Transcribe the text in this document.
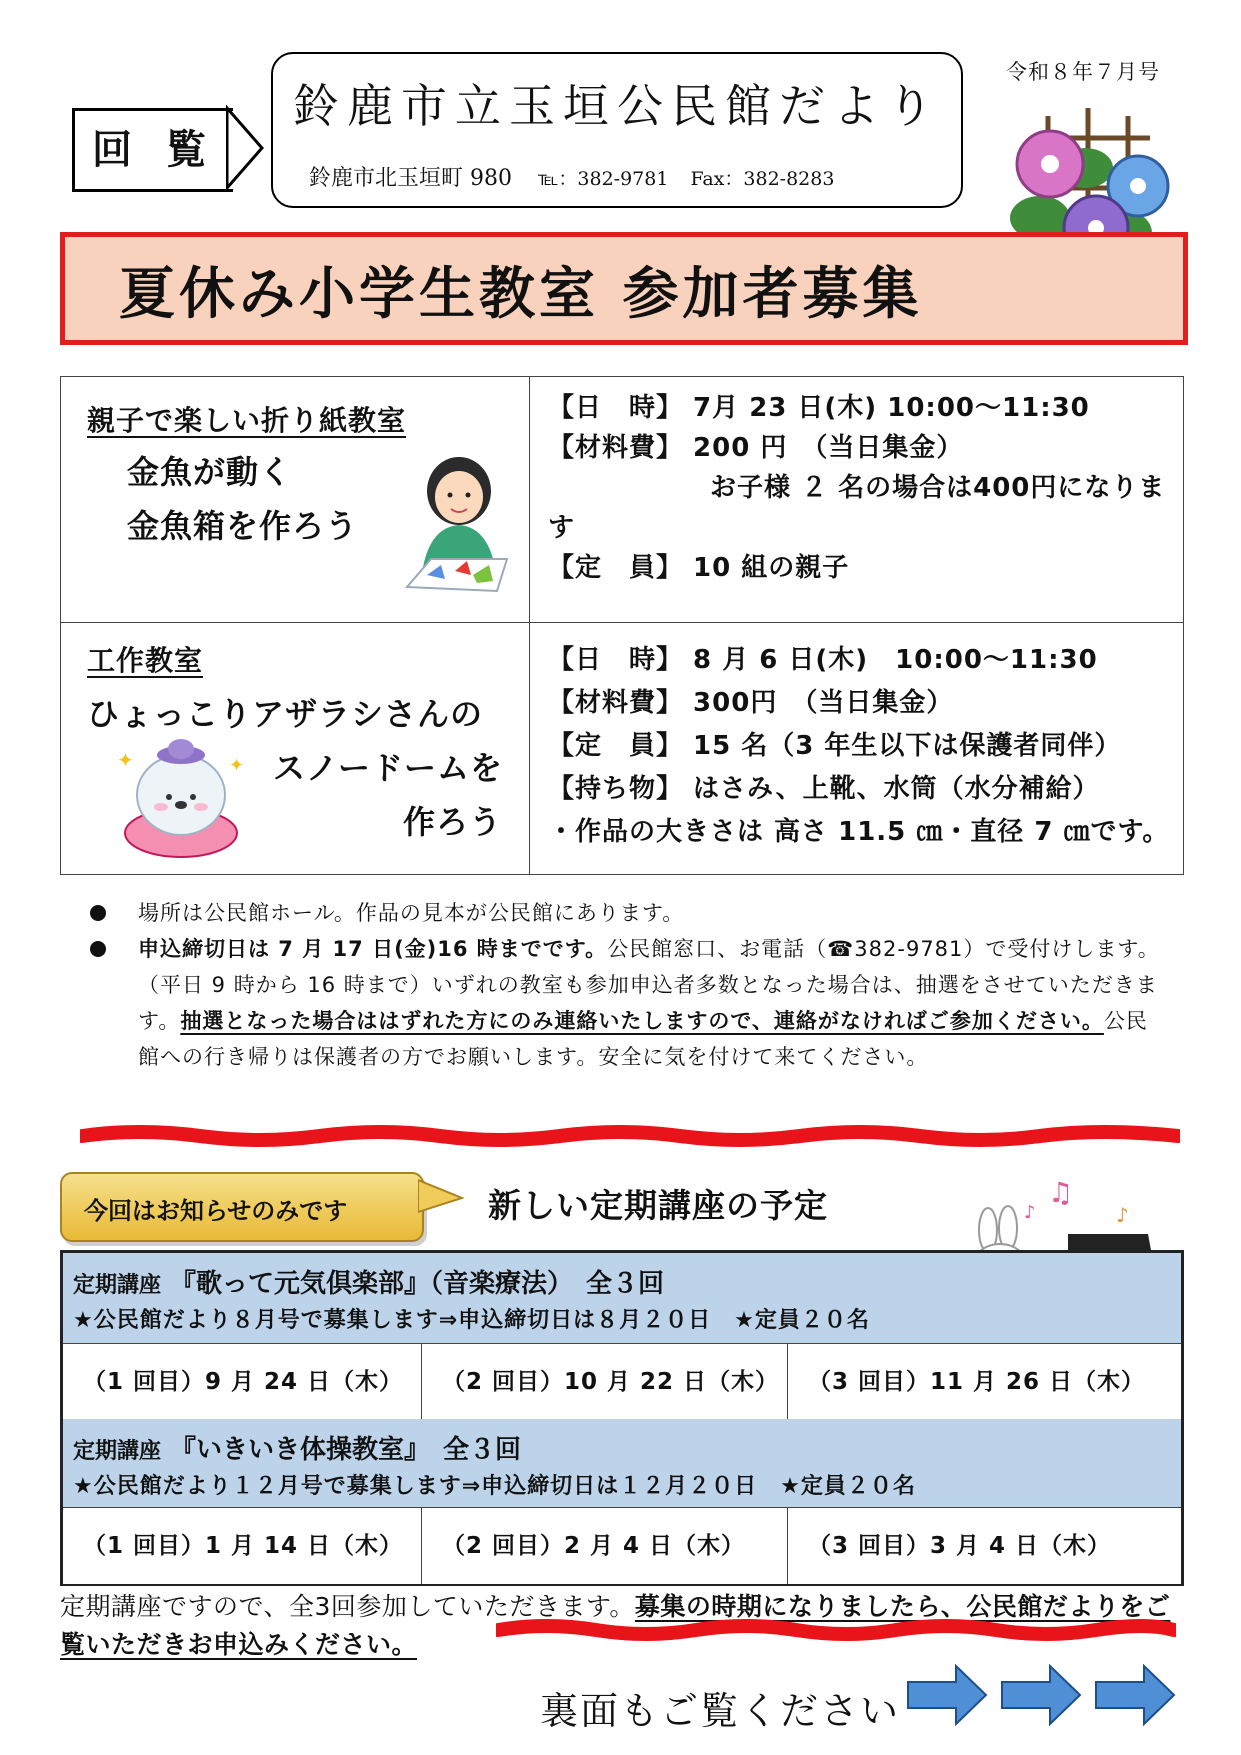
回 覧
鈴鹿市立玉垣公民館だより
鈴鹿市北玉垣町 980 ℡：382-9781 Fax：382-8283
令和８年７月号
夏休み小学生教室 参加者募集
親子で楽しい折り紙教室
金魚が動く
金魚箱を作ろう
【日　時】 7月 23 日(木) 10:00～11:30
【材料費】 200 円　（当日集金）
　　　　　　お子様 ２ 名の場合は400円になりま
す
【定　員】 10 組の親子
工作教室
ひょっこりアザラシさんの
スノードームを
作ろう
✦	✦
【日　時】 8 月 6 日(木)　10:00～11:30
【材料費】 300円　（当日集金）
【定　員】 15 名（3 年生以下は保護者同伴）
【持ち物】 はさみ、上靴、水筒（水分補給）
・作品の大きさは 高さ 11.5 ㎝・直径 7 ㎝です。
場所は公民館ホール。作品の見本が公民館にあります。
申込締切日は 7 月 17 日(金)16 時までです。公民館窓口、お電話（☎382-9781）で受付けします。（平日 9 時から 16 時まで）いずれの教室も参加申込者多数となった場合は、抽選をさせていただきます。抽選となった場合ははずれた方にのみ連絡いたしますので、連絡がなければご参加ください。公民館への行き帰りは保護者の方でお願いします。安全に気を付けて来てください。
今回はお知らせのみです	新しい定期講座の予定	♫
♪	♪
定期講座　 『歌って元気倶楽部』（音楽療法）　全３回
★公民館だより８月号で募集します⇒申込締切日は８月２０日　★定員２０名
（1 回目）9 月 24 日（木）	（2 回目）10 月 22 日（木）	（3 回目）11 月 26 日（木）
定期講座　 『いきいき体操教室』　全３回
★公民館だより１２月号で募集します⇒申込締切日は１２月２０日　★定員２０名
（1 回目）1 月 14 日（木）	（2 回目）2 月 4 日（木）	（3 回目）3 月 4 日（木）
定期講座ですので、全3回参加していただきます。募集の時期になりましたら、公民館だよりをご覧いただきお申込みください。
裏面もご覧ください
